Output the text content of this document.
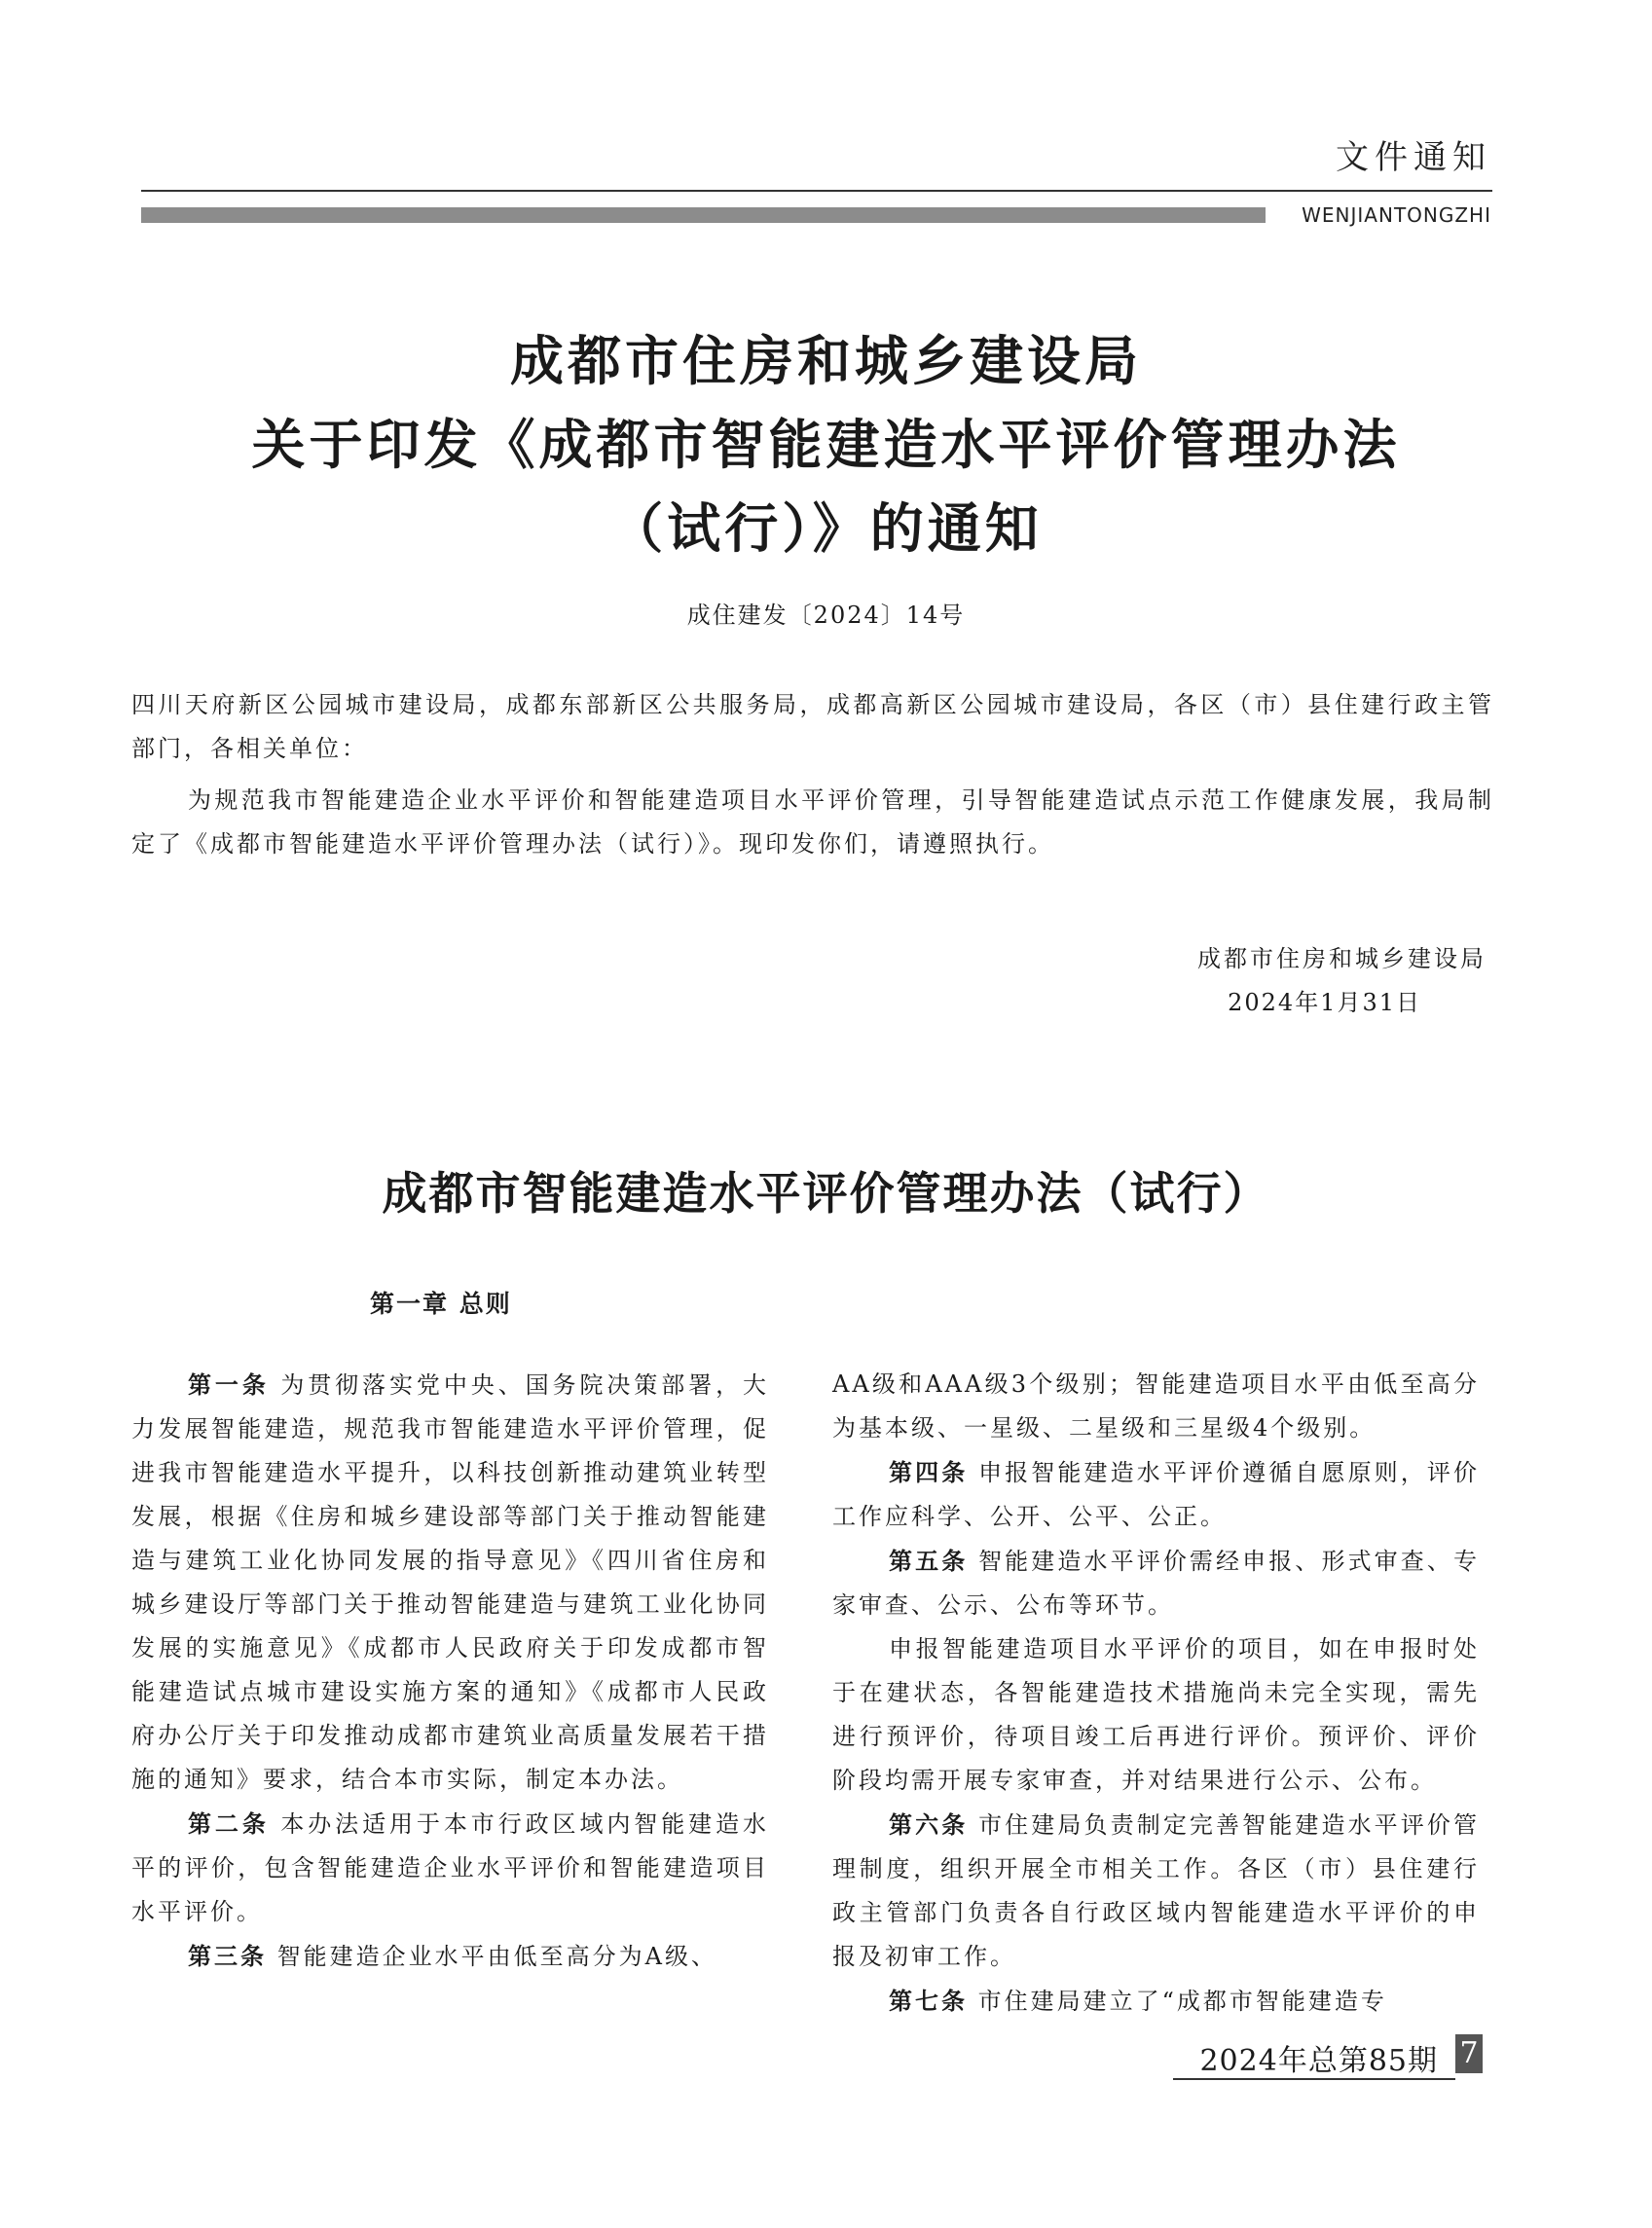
文件通知
WENJIANTONGZHI
成都市住房和城乡建设局
关于印发《成都市智能建造水平评价管理办法
（试行）》的通知
成住建发〔2024〕14号
四川天府新区公园城市建设局，成都东部新区公共服务局，成都高新区公园城市建设局，各区（市）县住建行政主管部门，各相关单位：
为规范我市智能建造企业水平评价和智能建造项目水平评价管理，引导智能建造试点示范工作健康发展，我局制定了《成都市智能建造水平评价管理办法（试行）》。现印发你们，请遵照执行。
成都市住房和城乡建设局
2024年1月31日
成都市智能建造水平评价管理办法（试行）
第一章 总则

第一条 为贯彻落实党中央、国务院决策部署，大力发展智能建造，规范我市智能建造水平评价管理，促进我市智能建造水平提升，以科技创新推动建筑业转型发展，根据《住房和城乡建设部等部门关于推动智能建造与建筑工业化协同发展的指导意见》《四川省住房和城乡建设厅等部门关于推动智能建造与建筑工业化协同发展的实施意见》《成都市人民政府关于印发成都市智能建造试点城市建设实施方案的通知》《成都市人民政府办公厅关于印发推动成都市建筑业高质量发展若干措施的通知》要求，结合本市实际，制定本办法。

第二条 本办法适用于本市行政区域内智能建造水平的评价，包含智能建造企业水平评价和智能建造项目水平评价。

第三条 智能建造企业水平由低至高分为A级、

AA级和AAA级3个级别；智能建造项目水平由低至高分为基本级、一星级、二星级和三星级4个级别。

第四条 申报智能建造水平评价遵循自愿原则，评价工作应科学、公开、公平、公正。

第五条 智能建造水平评价需经申报、形式审查、专家审查、公示、公布等环节。

申报智能建造项目水平评价的项目，如在申报时处于在建状态，各智能建造技术措施尚未完全实现，需先进行预评价，待项目竣工后再进行评价。预评价、评价阶段均需开展专家审查，并对结果进行公示、公布。

第六条 市住建局负责制定完善智能建造水平评价管理制度，组织开展全市相关工作。各区（市）县住建行政主管部门负责各自行政区域内智能建造水平评价的申报及初审工作。

第七条 市住建局建立了“成都市智能建造专

2024年总第85期 7
